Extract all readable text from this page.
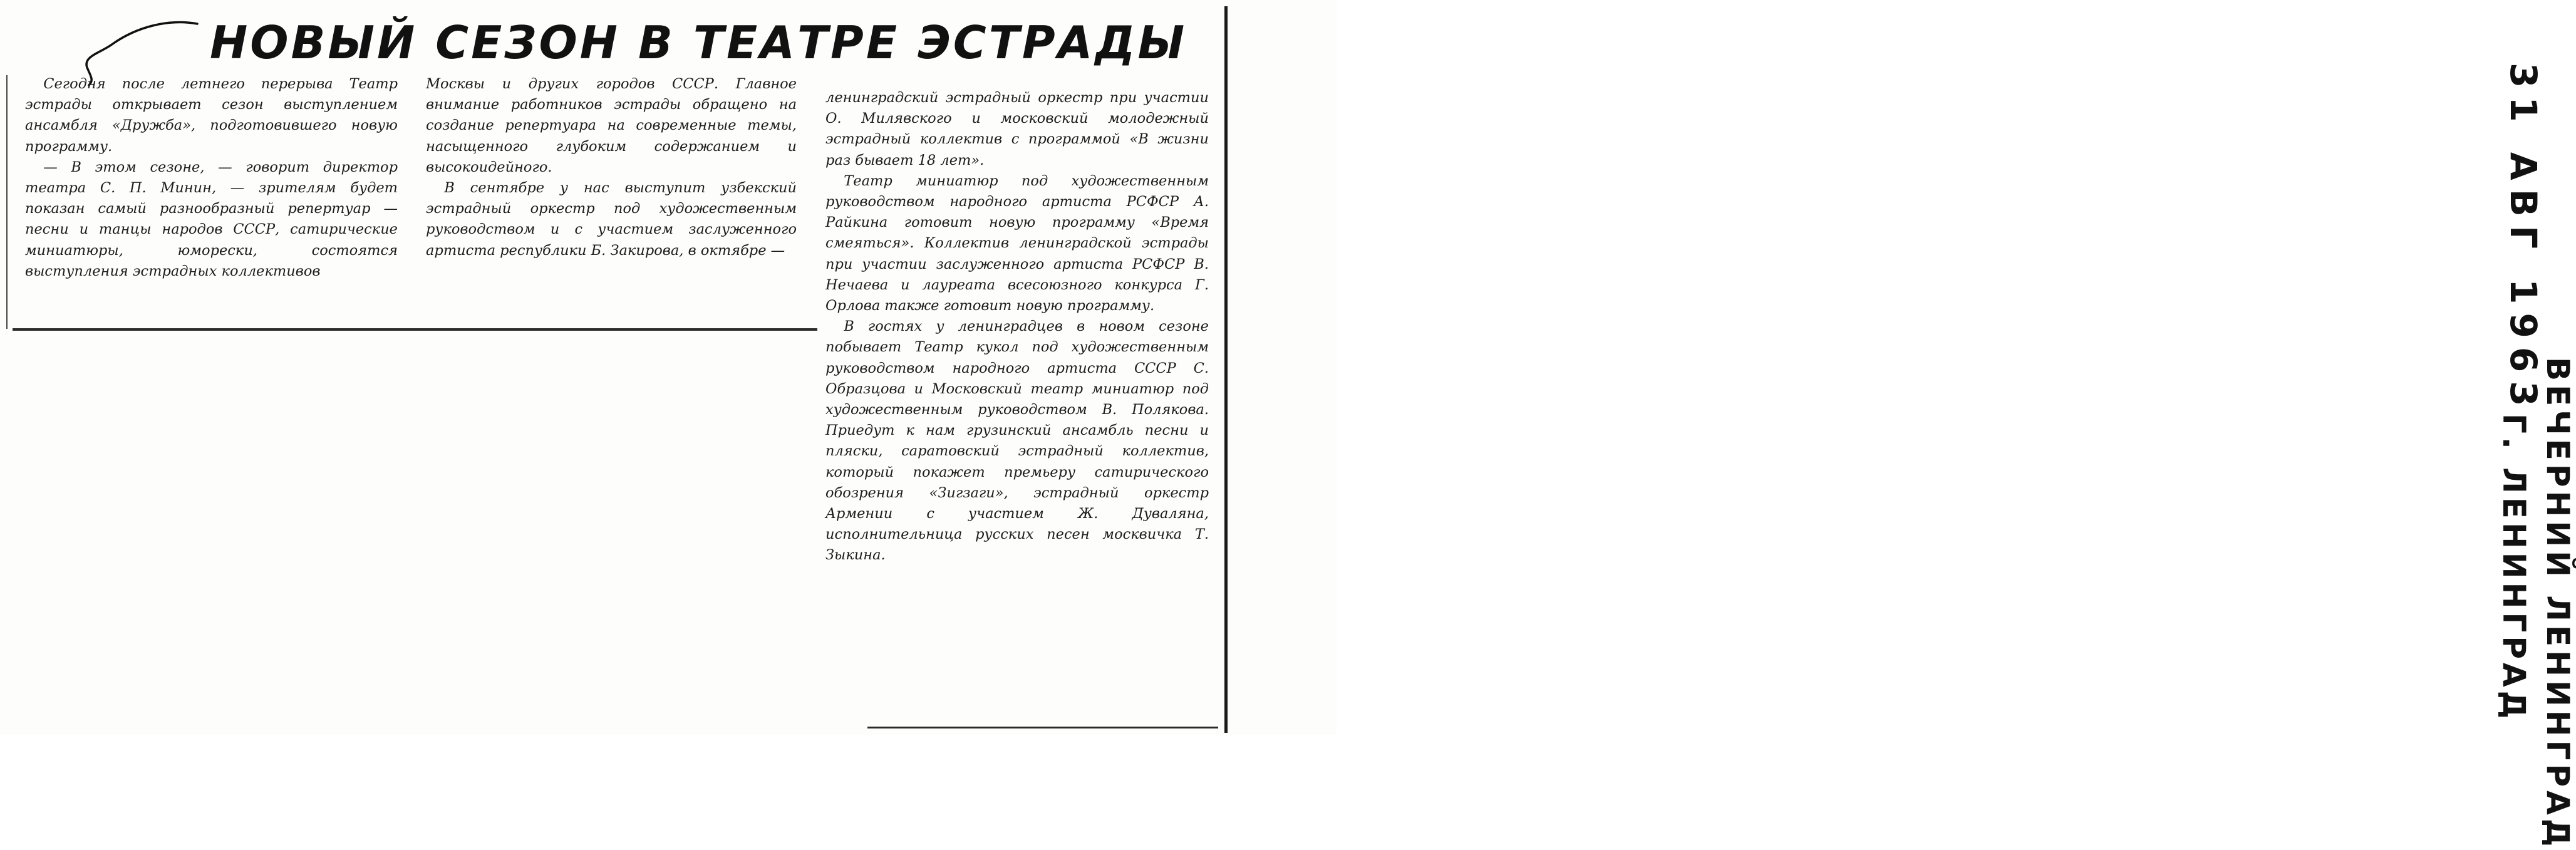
НОВЫЙ СЕЗОН В ТЕАТРЕ ЭСТРАДЫ

Сегодня после летнего перерыва Театр эстрады открывает сезон выступлением ансамбля «Дружба», подготовившего новую программу.

— В этом сезоне, — говорит директор театра С. П. Минин, — зрителям будет показан самый разнообразный репертуар — песни и танцы народов СССР, сатирические миниатюры, юморески, состоятся выступления эстрадных коллективов

Москвы и других городов СССР. Главное внимание работников эстрады обращено на создание репертуара на современные темы, насыщенного глубоким содержанием и высокоидейного.

В сентябре у нас выступит узбекский эстрадный оркестр под художественным руководством и с участием заслуженного артиста республики Б. Закирова, в октябре —

ленинградский эстрадный оркестр при участии О. Милявского и московский молодежный эстрадный коллектив с программой «В жизни раз бывает 18 лет».

Театр миниатюр под художественным руководством народного артиста РСФСР А. Райкина готовит новую программу «Время смеяться». Коллектив ленинградской эстрады при участии заслуженного артиста РСФСР В. Нечаева и лауреата всесоюзного конкурса Г. Орлова также готовит новую программу.

В гостях у ленинградцев в новом сезоне побывает Театр кукол под художественным руководством народного артиста СССР С. Образцова и Московский театр миниатюр под художественным руководством В. Полякова. Приедут к нам грузинский ансамбль песни и пляски, саратовский эстрадный коллектив, который покажет премьеру сатирического обозрения «Зигзаги», эстрадный оркестр Армении с участием Ж. Дуваляна, исполнительница русских песен москвичка Т. Зыкина.

31 АВГ 1963
ВЕЧЕРНИЙ ЛЕНИНГРАД
Г. ЛЕНИНГРАД
